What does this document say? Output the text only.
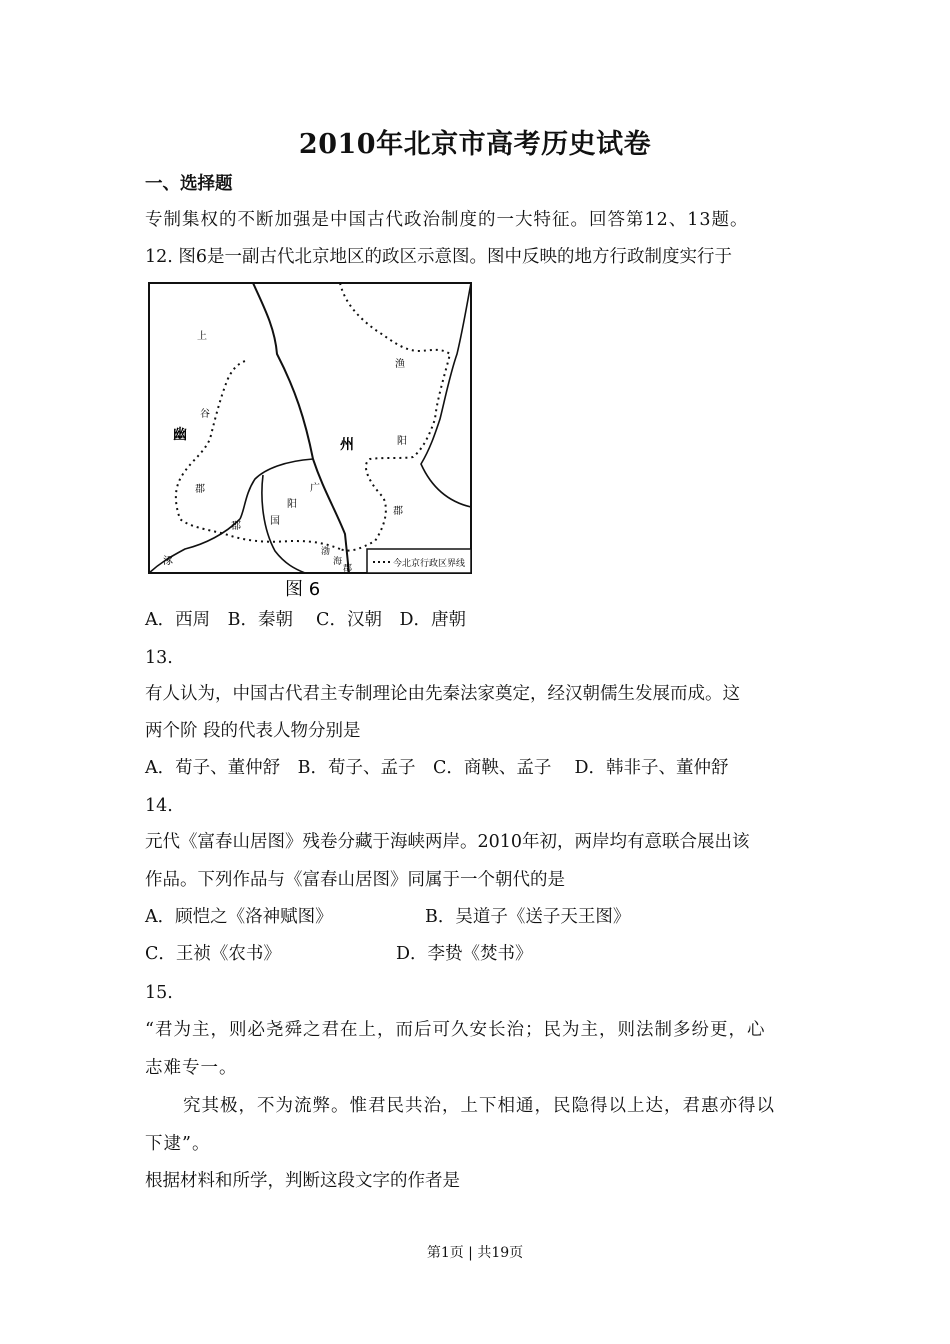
2010年北京市高考历史试卷
一、选择题
专制集权的不断加强是中国古代政治制度的一大特征。回答第12、13题。
12. 图6是一副古代北京地区的政区示意图。图中反映的地方行政制度实行于
上
谷
幽
郡
州
渔
阳
郡
郡
广
阳
国
涿
渤
海
郡	今北京行政区界线
图 6
A．西周　B．秦朝　 C．汉朝　D．唐朝
13.
有人认为，中国古代君主专制理论由先秦法家奠定，经汉朝儒生发展而成。这
两个阶 段的代表人物分别是
A．荀子、董仲舒　B．荀子、孟子　C．商鞅、孟子　 D．韩非子、董仲舒
14.
元代《富春山居图》残卷分藏于海峡两岸。2010年初，两岸均有意联合展出该
作品。下列作品与《富春山居图》同属于一个朝代的是
A．顾恺之《洛神赋图》	B．吴道子《送子天王图》
C．王祯《农书》	D．李贽《焚书》
15.
“君为主，则必尧舜之君在上，而后可久安长治；民为主，则法制多纷更，心
志难专一。
究其极，不为流弊。惟君民共治，上下相通，民隐得以上达，君惠亦得以
下逮”。
根据材料和所学，判断这段文字的作者是
第1页 | 共19页
